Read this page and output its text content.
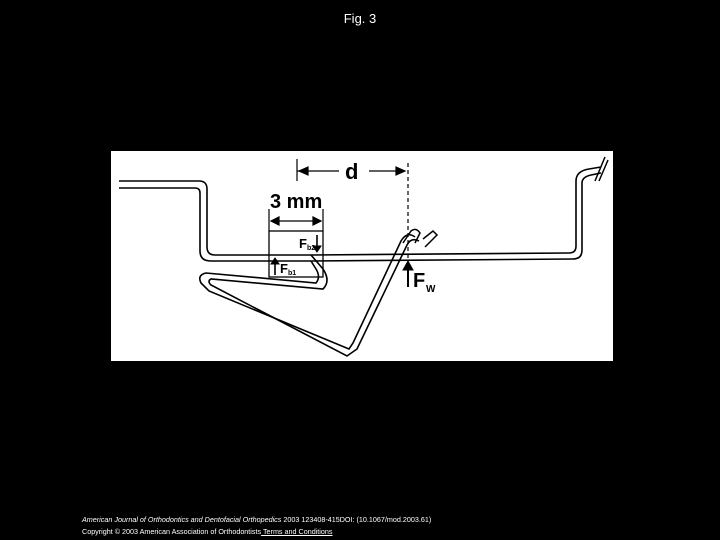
Fig. 3
3 mm
d
F b2
F b1	F W
American Journal of Orthodontics and Dentofacial Orthopedics 2003 123408-415DOI: (10.1067/mod.2003.61)
Copyright © 2003 American Association of Orthodontists Terms and Conditions
